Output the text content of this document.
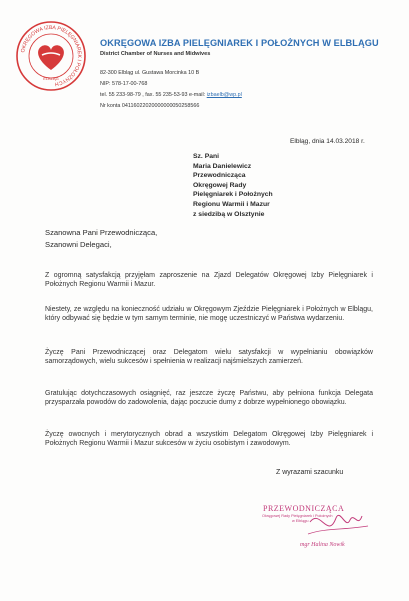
OKRĘGOWA IZBA PIELĘGNIAREK I POŁOŻNYCH
ELBLĄG
OKRĘGOWA IZBA PIELĘGNIAREK I POŁOŻNYCH W ELBLĄGU
District Chamber of Nurses and Midwives
82-300 Elbląg ul. Gustawa Morcinka 10 B
NIP: 578-17-00-768
tel. 55 233-98-79 , fax. 55 235-53-93 e-mail: izbaelb@wp.pl
Nr konta 04116022020000000050258566
Elbląg, dnia 14.03.2018 r.
Sz. Pani
Maria Danielewicz
Przewodnicząca
Okręgowej Rady
Pielęgniarek i Położnych
Regionu Warmii i Mazur
z siedzibą w Olsztynie
Szanowna Pani Przewodnicząca,
Szanowni Delegaci,
Z ogromną satysfakcją przyjęłam zaproszenie na Zjazd Delegatów Okręgowej Izby Pielęgniarek i Położnych Regionu Warmii i Mazur.
Niestety, ze względu na konieczność udziału w Okręgowym Zjeździe Pielęgniarek i Położnych w Elblągu, który odbywać się będzie w tym samym terminie, nie mogę uczestniczyć w Państwa wydarzeniu.
Życzę Pani Przewodniczącej oraz Delegatom wielu satysfakcji w wypełnianiu obowiązków samorządowych, wielu sukcesów i spełnienia w realizacji najśmielszych zamierzeń.
Gratulując dotychczasowych osiągnięć, raz jeszcze życzę Państwu, aby pełniona funkcja Delegata przysparzała powodów do zadowolenia, dając poczucie dumy z dobrze wypełnionego obowiązku.
Życzę owocnych i merytorycznych obrad a wszystkim Delegatom Okręgowej Izby Pielęgniarek i Położnych Regionu Warmii i Mazur sukcesów w życiu osobistym i zawodowym.
Z wyrazami szacunku
PRZEWODNICZĄCA
Okręgowej Rady Pielęgniarek i Położnych
w Elblągu
mgr Halina Nowik
